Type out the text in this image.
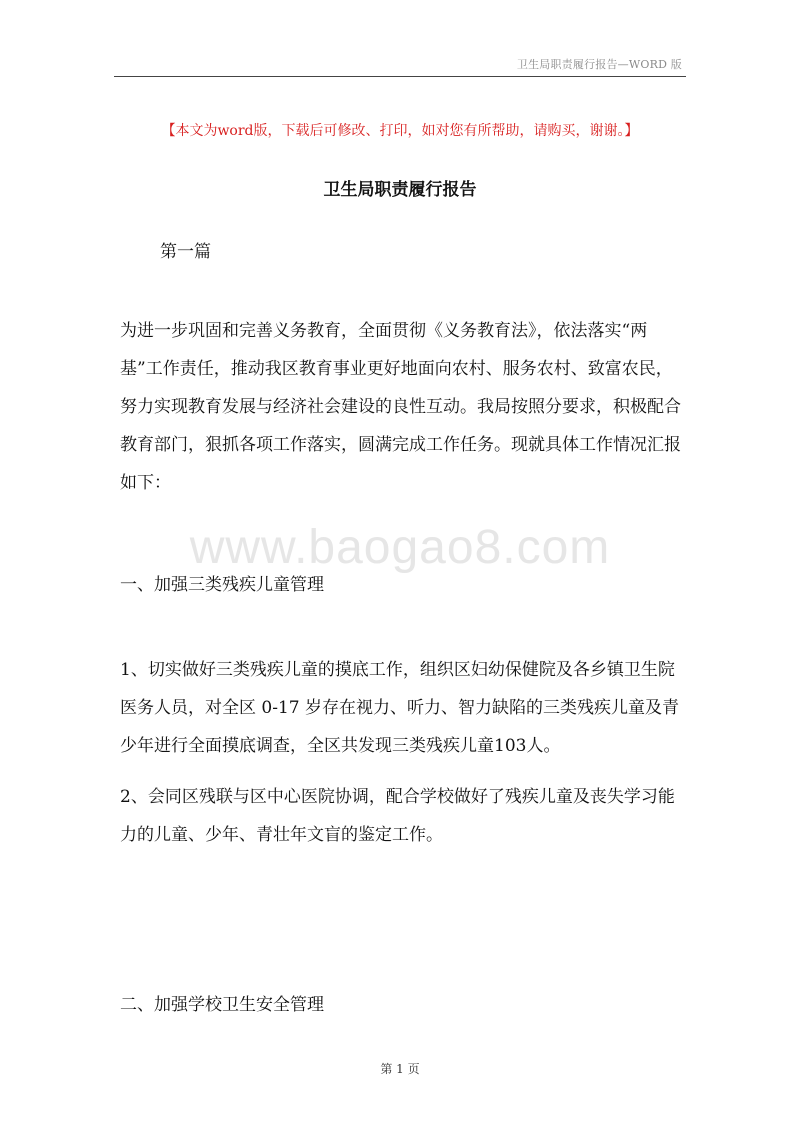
卫生局职责履行报告—WORD 版
【本文为word版，下载后可修改、打印，如对您有所帮助，请购买，谢谢。】
卫生局职责履行报告
第一篇
为进一步巩固和完善义务教育，全面贯彻《义务教育法》，依法落实“两基”工作责任，推动我区教育事业更好地面向农村、服务农村、致富农民，努力实现教育发展与经济社会建设的良性互动。我局按照分要求，积极配合教育部门，狠抓各项工作落实，圆满完成工作任务。现就具体工作情况汇报如下：
www.baogao8.com
一、加强三类残疾儿童管理
1、切实做好三类残疾儿童的摸底工作，组织区妇幼保健院及各乡镇卫生院医务人员，对全区 0-17 岁存在视力、听力、智力缺陷的三类残疾儿童及青少年进行全面摸底调查，全区共发现三类残疾儿童103人。
2、会同区残联与区中心医院协调，配合学校做好了残疾儿童及丧失学习能力的儿童、少年、青壮年文盲的鉴定工作。
二、加强学校卫生安全管理
第 1 页
